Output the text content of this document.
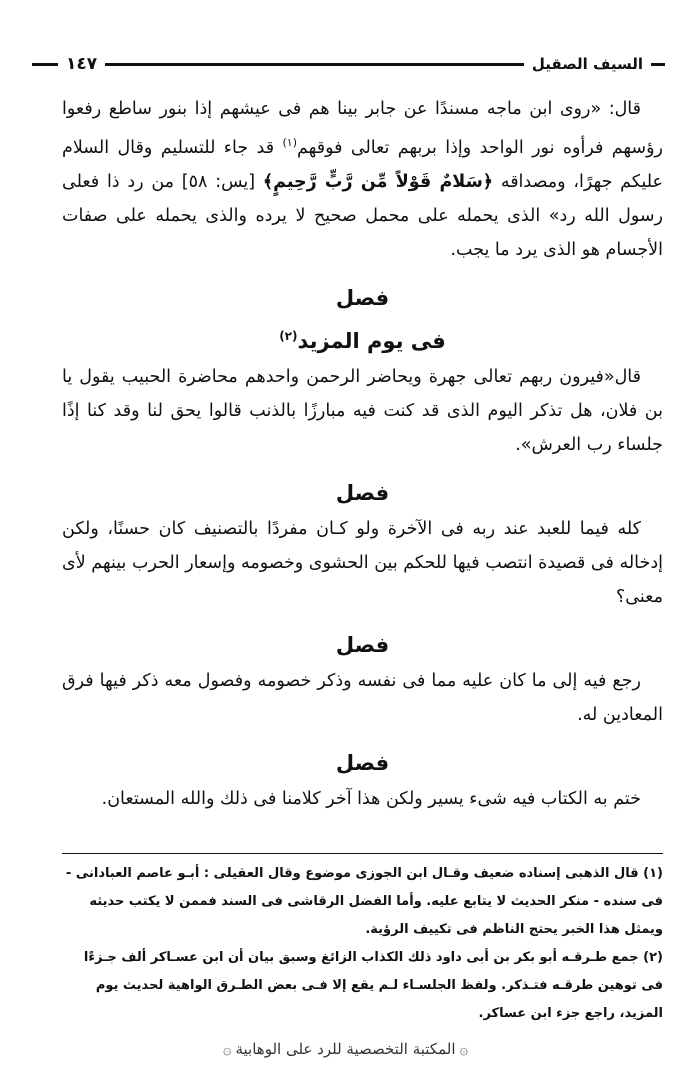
السيف الصقيل
١٤٧

قال: «روى ابن ماجه مسندًا عن جابر بينا هم فى عيشهم إذا بنور ساطع رفعوا رؤسهم فرأوه نور الواحد وإذا بربهم تعالى فوقهم$^{(١)}$ قد جاء للتسليم وقال السلام عليكم جهرًا، ومصداقه ﴿سَلامٌ قَوْلاً مِّن رَّبٍّ رَّحِيمٍ﴾ [يس: ٥٨] من رد ذا فعلى رسول الله رد» الذى يحمله على محمل صحيح لا يرده والذى يحمله على صفات الأجسام هو الذى يرد ما يجب.

فصل
فى يوم المزيد$^{(٢)}$

قال«فيرون ربهم تعالى جهرة ويحاضر الرحمن واحدهم محاضرة الحبيب يقول يا بن فلان، هل تذكر اليوم الذى قد كنت فيه مبارزًا بالذنب قالوا يحق لنا وقد كنا إذًا جلساء رب العرش».

فصل

كله فيما للعبد عند ربه فى الآخرة ولو كـان مفردًا بالتصنيف كان حسنًا، ولكن إدخاله فى قصيدة انتصب فيها للحكم بين الحشوى وخصومه وإسعار الحرب بينهم لأى معنى؟

فصل

رجع فيه إلى ما كان عليه مما فى نفسه وذكر خصومه وفصول معه ذكر فيها فرق المعادين له.

فصل

ختم به الكتاب فيه شىء يسير ولكن هذا آخر كلامنا فى ذلك والله المستعان.

(١) قال الذهبى إسناده ضعيف وقـال ابن الجوزى موضوع وقال العقيلى : أبـو عاصم العبادانى - فى سنده - منكر الحديث لا يتابع عليه. وأما الفضل الرقاشى فى السند فممن لا يكتب حديثه ويمثل هذا الخبر يحتج الناظم فى تكييف الرؤية.

(٢) جمع طـرقـه أبو بكر بن أبى داود ذلك الكذاب الزائغ وسبق بيان أن ابن عسـاكر ألف جـزءًا فى توهين طرقـه فتـذكر. ولفظ الجلسـاء لـم يقع إلا فـى بعض الطـرق الواهية لحديث يوم المزيد، راجع جزء ابن عساكر.

۞المكتبة التخصصية للرد على الوهابية۞
